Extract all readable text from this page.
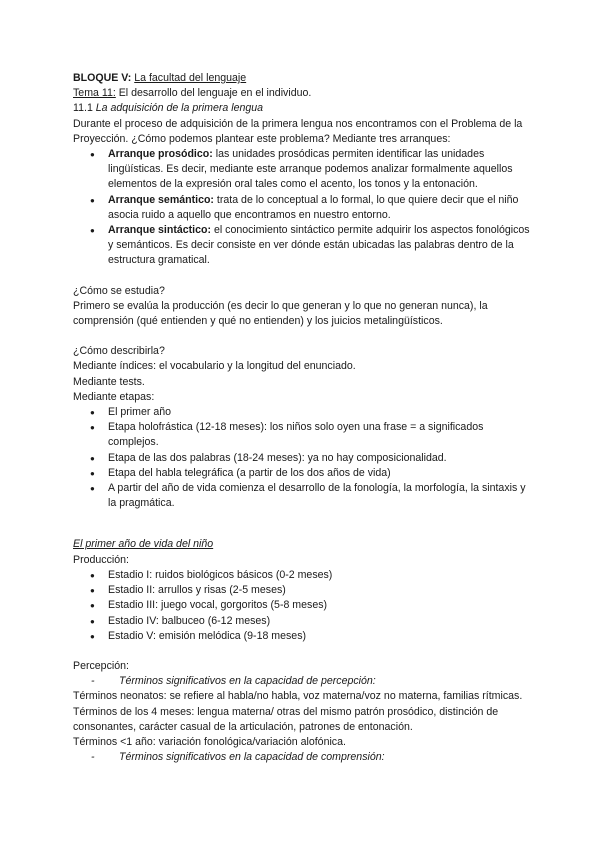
BLOQUE V: La facultad del lenguaje
Tema 11: El desarrollo del lenguaje en el individuo.
11.1 La adquisición de la primera lengua
Durante el proceso de adquisición de la primera lengua nos encontramos con el Problema de la Proyección. ¿Cómo podemos plantear este problema? Mediante tres arranques:
● Arranque prosódico: las unidades prosódicas permiten identificar las unidades lingüísticas. Es decir, mediante este arranque podemos analizar formalmente aquellos elementos de la expresión oral tales como el acento, los tonos y la entonación.
● Arranque semántico: trata de lo conceptual a lo formal, lo que quiere decir que el niño asocia ruido a aquello que encontramos en nuestro entorno.
● Arranque sintáctico: el conocimiento sintáctico permite adquirir los aspectos fonológicos y semánticos. Es decir consiste en ver dónde están ubicadas las palabras dentro de la estructura gramatical.
¿Cómo se estudia?
Primero se evalúa la producción (es decir lo que generan y lo que no generan nunca), la comprensión (qué entienden y qué no entienden) y los juicios metalingüísticos.
¿Cómo describirla?
Mediante índices: el vocabulario y la longitud del enunciado.
Mediante tests.
Mediante etapas:
● El primer año
● Etapa holofrástica (12-18 meses): los niños solo oyen una frase = a significados complejos.
● Etapa de las dos palabras (18-24 meses): ya no hay composicionalidad.
● Etapa del habla telegráfica (a partir de los dos años de vida)
● A partir del año de vida comienza el desarrollo de la fonología, la morfología, la sintaxis y la pragmática.
El primer año de vida del niño
Producción:
● Estadio I: ruidos biológicos básicos (0-2 meses)
● Estadio II: arrullos y risas (2-5 meses)
● Estadio III: juego vocal, gorgoritos (5-8 meses)
● Estadio IV: balbuceo (6-12 meses)
● Estadio V: emisión melódica (9-18 meses)
Percepción:
- Términos significativos en la capacidad de percepción:
Términos neonatos: se refiere al habla/no habla, voz materna/voz no materna, familias rítmicas.
Términos de los 4 meses: lengua materna/ otras del mismo patrón prosódico, distinción de consonantes, carácter casual de la articulación, patrones de entonación.
Términos <1 año: variación fonológica/variación alofónica.
- Términos significativos en la capacidad de comprensión:
